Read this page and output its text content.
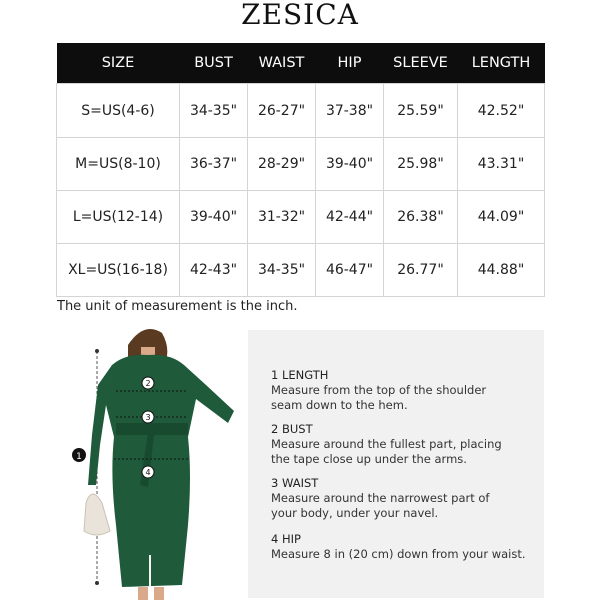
ZESICA
SIZE	BUST	WAIST	HIP	SLEEVE	LENGTH
S=US(4-6)	34-35"	26-27"	37-38"	25.59"	42.52"
M=US(8-10)	36-37"	28-29"	39-40"	25.98"	43.31"
L=US(12-14)	39-40"	31-32"	42-44"	26.38"	44.09"
XL=US(16-18)	42-43"	34-35"	46-47"	26.77"	44.88"
The unit of measurement is the inch.
1
2
3
4
1 LENGTH
Measure from the top of the shoulder
seam down to the hem.
2 BUST
Measure around the fullest part, placing
the tape close up under the arms.
3 WAIST
Measure around the narrowest part of
your body, under your navel.
4 HIP
Measure 8 in (20 cm) down from your waist.
